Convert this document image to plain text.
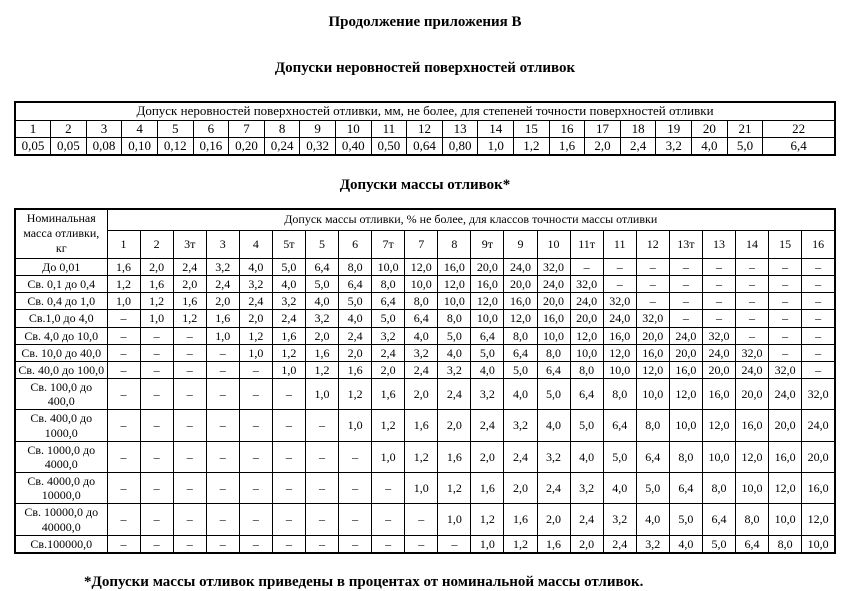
Продолжение приложения В
Допуски неровностей поверхностей отливок
Допуск неровностей поверхностей отливки, мм, не более, для степеней точности поверхностей отливки																					
1	2	3	4	5	6	7	8	9	10	11	12	13	14	15	16	17	18	19	20	21	22
0,05	0,05	0,08	0,10	0,12	0,16	0,20	0,24	0,32	0,40	0,50	0,64	0,80	1,0	1,2	1,6	2,0	2,4	3,2	4,0	5,0	6,4
Допуски массы отливок*
Номинальная масса отливки, кг	Допуск массы отливки, % не более, для классов точности массы отливки																					
	1	2	3т	3	4	5т	5	6	7т	7	8	9т	9	10	11т	11	12	13т	13	14	15	16
До 0,01	1,6	2,0	2,4	3,2	4,0	5,0	6,4	8,0	10,0	12,0	16,0	20,0	24,0	32,0	–	–	–	–	–	–	–	–
Св. 0,1 до 0,4	1,2	1,6	2,0	2,4	3,2	4,0	5,0	6,4	8,0	10,0	12,0	16,0	20,0	24,0	32,0	–	–	–	–	–	–	–
Св. 0,4 до 1,0	1,0	1,2	1,6	2,0	2,4	3,2	4,0	5,0	6,4	8,0	10,0	12,0	16,0	20,0	24,0	32,0	–	–	–	–	–	–
Св.1,0 до 4,0	–	1,0	1,2	1,6	2,0	2,4	3,2	4,0	5,0	6,4	8,0	10,0	12,0	16,0	20,0	24,0	32,0	–	–	–	–	–
Св. 4,0 до 10,0	–	–	–	1,0	1,2	1,6	2,0	2,4	3,2	4,0	5,0	6,4	8,0	10,0	12,0	16,0	20,0	24,0	32,0	–	–	–
Св. 10,0 до 40,0	–	–	–	–	1,0	1,2	1,6	2,0	2,4	3,2	4,0	5,0	6,4	8,0	10,0	12,0	16,0	20,0	24,0	32,0	–	–
Св. 40,0 до 100,0	–	–	–	–	–	1,0	1,2	1,6	2,0	2,4	3,2	4,0	5,0	6,4	8,0	10,0	12,0	16,0	20,0	24,0	32,0	–
Св. 100,0 до 400,0	–	–	–	–	–	–	1,0	1,2	1,6	2,0	2,4	3,2	4,0	5,0	6,4	8,0	10,0	12,0	16,0	20,0	24,0	32,0
Св. 400,0 до 1000,0	–	–	–	–	–	–	–	1,0	1,2	1,6	2,0	2,4	3,2	4,0	5,0	6,4	8,0	10,0	12,0	16,0	20,0	24,0
Св. 1000,0 до 4000,0	–	–	–	–	–	–	–	–	1,0	1,2	1,6	2,0	2,4	3,2	4,0	5,0	6,4	8,0	10,0	12,0	16,0	20,0
Св. 4000,0 до 10000,0	–	–	–	–	–	–	–	–	–	1,0	1,2	1,6	2,0	2,4	3,2	4,0	5,0	6,4	8,0	10,0	12,0	16,0
Св. 10000,0 до 40000,0	–	–	–	–	–	–	–	–	–	–	1,0	1,2	1,6	2,0	2,4	3,2	4,0	5,0	6,4	8,0	10,0	12,0
Св.100000,0	–	–	–	–	–	–	–	–	–	–	–	1,0	1,2	1,6	2,0	2,4	3,2	4,0	5,0	6,4	8,0	10,0
*Допуски массы отливок приведены в процентах от номинальной массы отливок.
